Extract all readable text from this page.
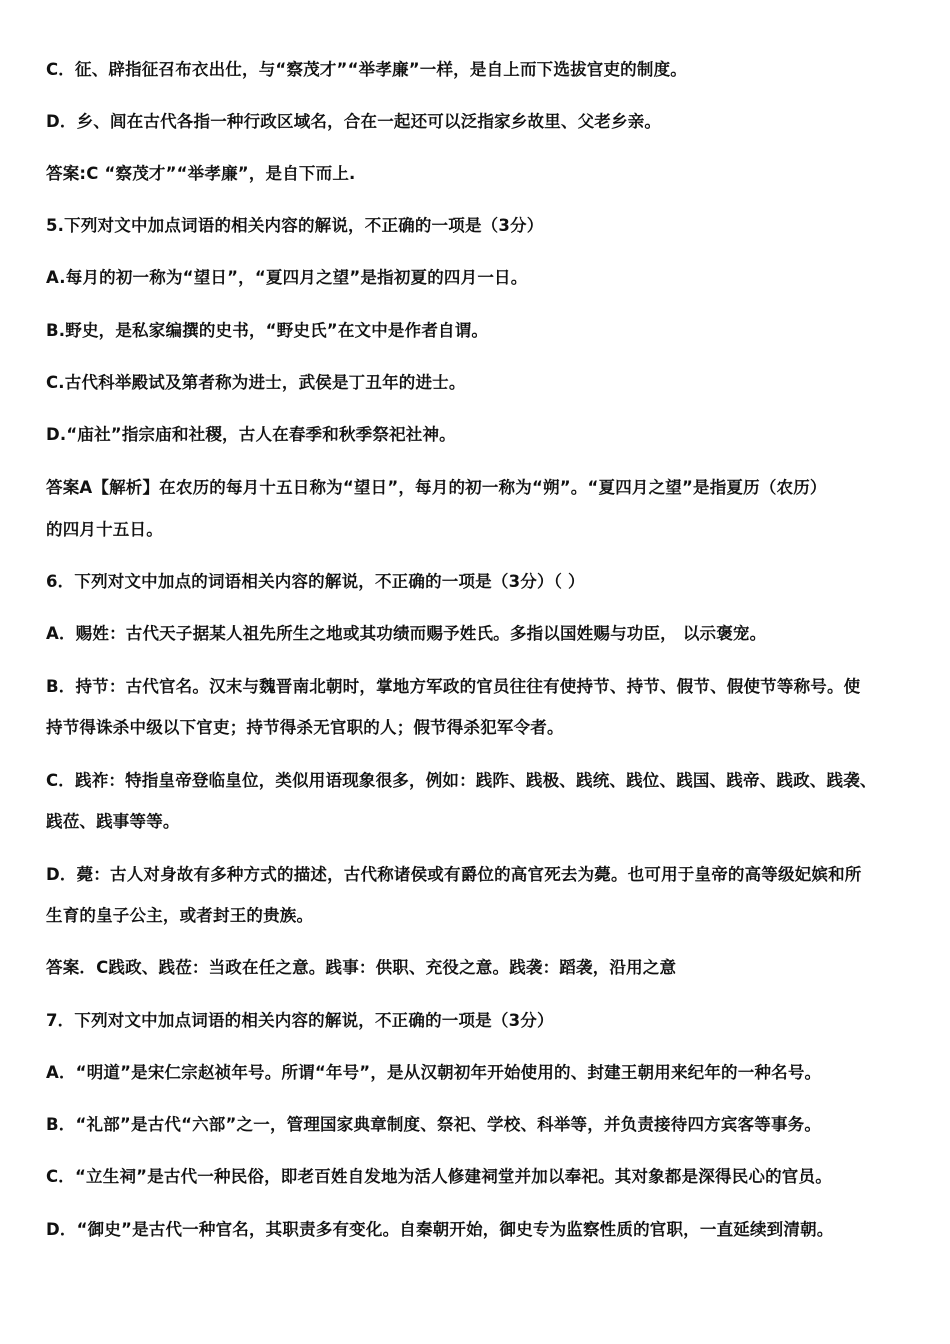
C．征、辟指征召布衣出仕，与“察茂才”“举孝廉”一样，是自上而下选拔官吏的制度。
D．乡、闾在古代各指一种行政区域名，合在一起还可以泛指家乡故里、父老乡亲。
答案:C “察茂才”“举孝廉”，是自下而上.
5.下列对文中加点词语的相关内容的解说，不正确的一项是（3分）
A.每月的初一称为“望日”，“夏四月之望”是指初夏的四月一日。
B.野史，是私家编撰的史书，“野史氏”在文中是作者自谓。
C.古代科举殿试及第者称为进士，武侯是丁丑年的进士。
D.“庙社”指宗庙和社稷，古人在春季和秋季祭祀社神。
答案A【解析】在农历的每月十五日称为“望日”，每月的初一称为“朔”。“夏四月之望”是指夏历（农历）
的四月十五日。
6．下列对文中加点的词语相关内容的解说，不正确的一项是（3分）（ ）
A．赐姓：古代天子据某人祖先所生之地或其功绩而赐予姓氏。多指以国姓赐与功臣， 以示褒宠。
B．持节：古代官名。汉末与魏晋南北朝时，掌地方军政的官员往往有使持节、持节、假节、假使节等称号。使
持节得诛杀中级以下官吏；持节得杀无官职的人；假节得杀犯军令者。
C．践祚：特指皇帝登临皇位，类似用语现象很多，例如：践阼、践极、践统、践位、践国、践帝、践政、践袭、
践莅、践事等等。
D．薨：古人对身故有多种方式的描述，古代称诸侯或有爵位的高官死去为薨。也可用于皇帝的高等级妃嫔和所
生育的皇子公主，或者封王的贵族。
答案．C践政、践莅：当政在任之意。践事：供职、充役之意。践袭：蹈袭，沿用之意
7．下列对文中加点词语的相关内容的解说，不正确的一项是（3分）
A．“明道”是宋仁宗赵祯年号。所谓“年号”，是从汉朝初年开始使用的、封建王朝用来纪年的一种名号。
B．“礼部”是古代“六部”之一，管理国家典章制度、祭祀、学校、科举等，并负责接待四方宾客等事务。
C．“立生祠”是古代一种民俗，即老百姓自发地为活人修建祠堂并加以奉祀。其对象都是深得民心的官员。
D．“御史”是古代一种官名，其职责多有变化。自秦朝开始，御史专为监察性质的官职，一直延续到清朝。
